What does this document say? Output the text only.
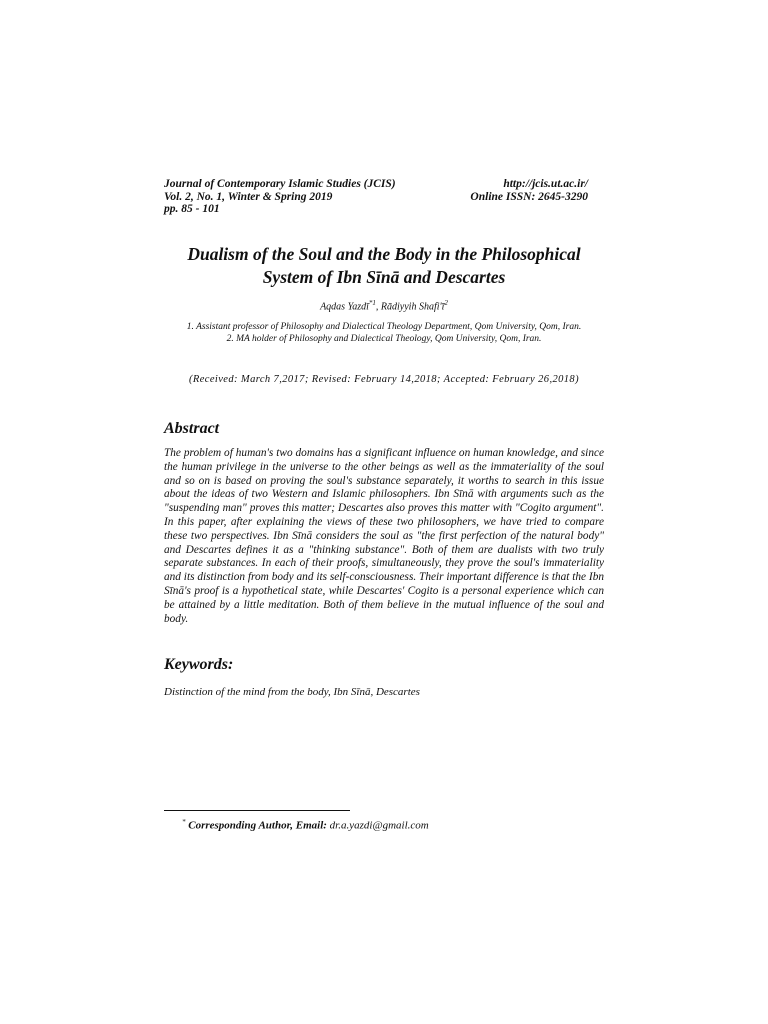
Journal of Contemporary Islamic Studies (JCIS)	http://jcis.ut.ac.ir/
Vol. 2, No. 1, Winter & Spring 2019	Online ISSN: 2645-3290
pp. 85 - 101
Dualism of the Soul and the Body in the Philosophical
System of Ibn Sīnā and Descartes
Aqdas Yazdī$^{*1}$, Rādiyyih $Shafi'ī^2$
1. Assistant professor of Philosophy and Dialectical Theology Department, Qom University, Qom, Iran.
2. MA holder of Philosophy and Dialectical Theology, Qom University, Qom, Iran.
(Received: March 7,2017; Revised: February 14,2018; Accepted: February 26,2018)
Abstract

The problem of human's two domains has a significant influence on human knowledge, and since the human privilege in the universe to the other beings as well as the immateriality of the soul and so on is based on proving the soul's substance separately, it worths to search in this issue about the ideas of two Western and Islamic philosophers. Ibn Sīnā with arguments such as the "suspending man" proves this matter; Descartes also proves this matter with "Cogito argument". In this paper, after explaining the views of these two philosophers, we have tried to compare these two perspectives. Ibn Sīnā considers the soul as "the first perfection of the natural body" and Descartes defines it as a "thinking substance". Both of them are dualists with two truly separate substances. In each of their proofs, simultaneously, they prove the soul's immateriality and its distinction from body and its self-consciousness. Their important difference is that the Ibn Sīnā's proof is a hypothetical state, while Descartes' Cogito is a personal experience which can be attained by a little meditation. Both of them believe in the mutual influence of the soul and body.

Keywords:
Distinction of the mind from the body, Ibn Sīnā, Descartes
* Corresponding Author, Email: dr.a.yazdi@gmail.com
